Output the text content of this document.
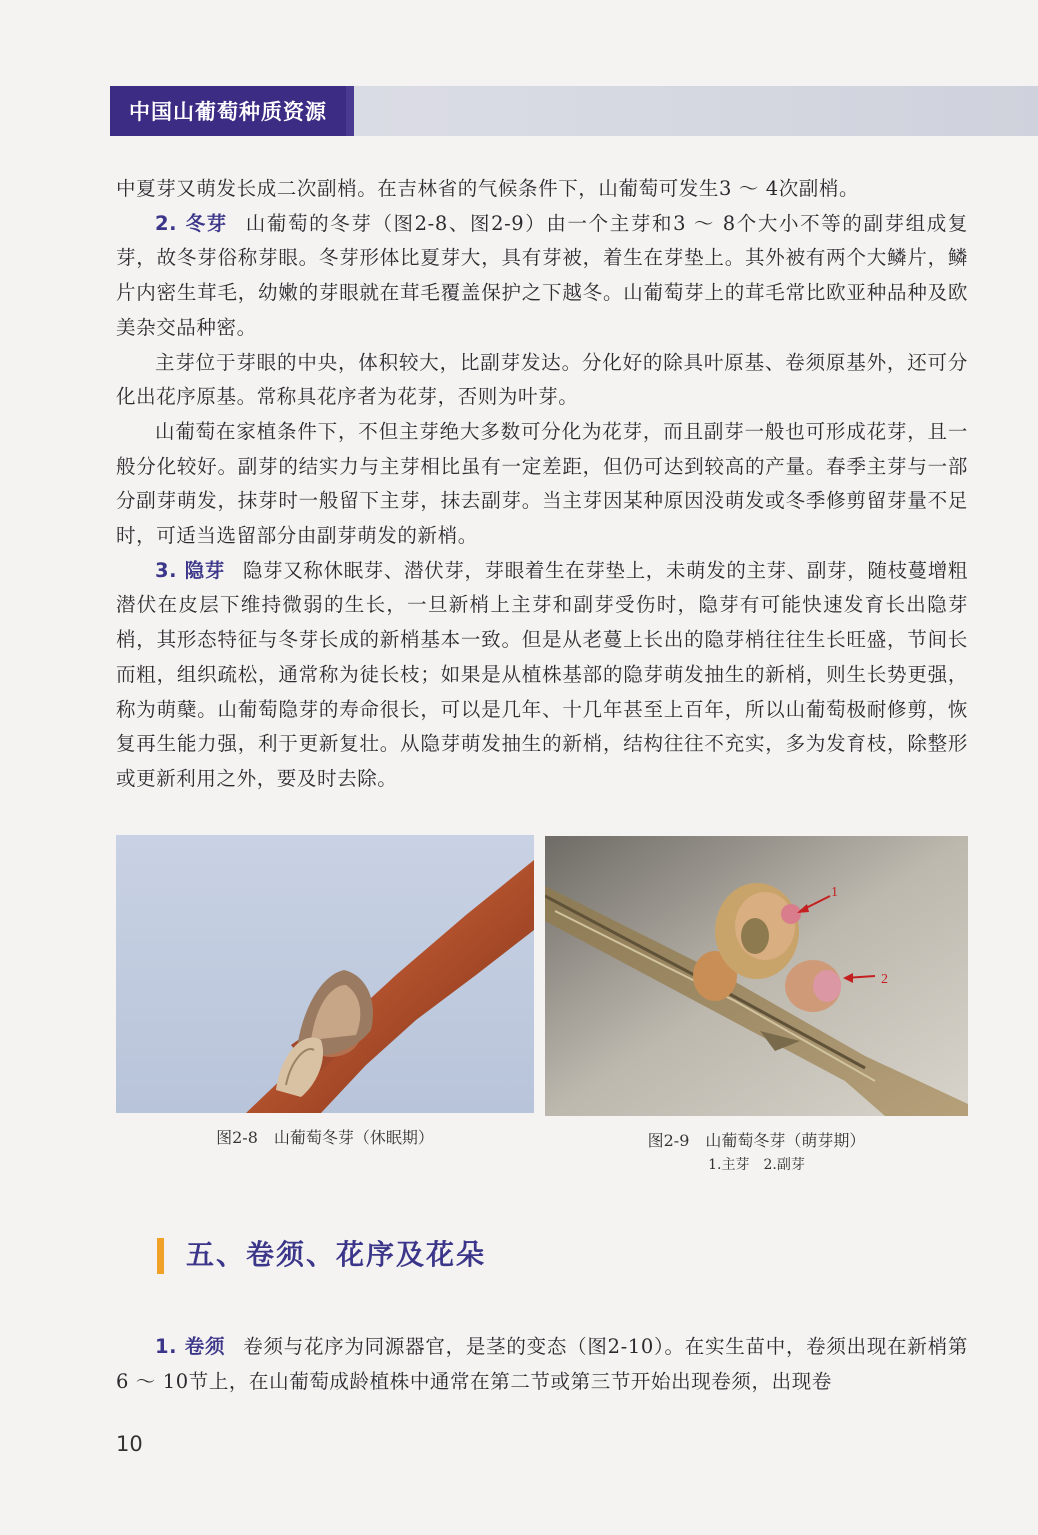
中国山葡萄种质资源

中夏芽又萌发长成二次副梢。在吉林省的气候条件下，山葡萄可发生3 ～ 4次副梢。

2. 冬芽 山葡萄的冬芽（图2-8、图2-9）由一个主芽和3 ～ 8个大小不等的副芽组成复芽，故冬芽俗称芽眼。冬芽形体比夏芽大，具有芽被，着生在芽垫上。其外被有两个大鳞片，鳞片内密生茸毛，幼嫩的芽眼就在茸毛覆盖保护之下越冬。山葡萄芽上的茸毛常比欧亚种品种及欧美杂交品种密。

主芽位于芽眼的中央，体积较大，比副芽发达。分化好的除具叶原基、卷须原基外，还可分化出花序原基。常称具花序者为花芽，否则为叶芽。

山葡萄在家植条件下，不但主芽绝大多数可分化为花芽，而且副芽一般也可形成花芽，且一般分化较好。副芽的结实力与主芽相比虽有一定差距，但仍可达到较高的产量。春季主芽与一部分副芽萌发，抹芽时一般留下主芽，抹去副芽。当主芽因某种原因没萌发或冬季修剪留芽量不足时，可适当选留部分由副芽萌发的新梢。

3. 隐芽 隐芽又称休眠芽、潜伏芽，芽眼着生在芽垫上，未萌发的主芽、副芽，随枝蔓增粗潜伏在皮层下维持微弱的生长，一旦新梢上主芽和副芽受伤时，隐芽有可能快速发育长出隐芽梢，其形态特征与冬芽长成的新梢基本一致。但是从老蔓上长出的隐芽梢往往生长旺盛，节间长而粗，组织疏松，通常称为徒长枝；如果是从植株基部的隐芽萌发抽生的新梢，则生长势更强，称为萌蘖。山葡萄隐芽的寿命很长，可以是几年、十几年甚至上百年，所以山葡萄极耐修剪，恢复再生能力强，利于更新复壮。从隐芽萌发抽生的新梢，结构往往不充实，多为发育枝，除整形或更新利用之外，要及时去除。

图2-8　山葡萄冬芽（休眠期）
1
2
图2-9　山葡萄冬芽（萌芽期）
1.主芽　2.副芽
五、卷须、花序及花朵

1. 卷须 卷须与花序为同源器官，是茎的变态（图2-10）。在实生苗中，卷须出现在新梢第6 ～ 10节上，在山葡萄成龄植株中通常在第二节或第三节开始出现卷须，出现卷

10
